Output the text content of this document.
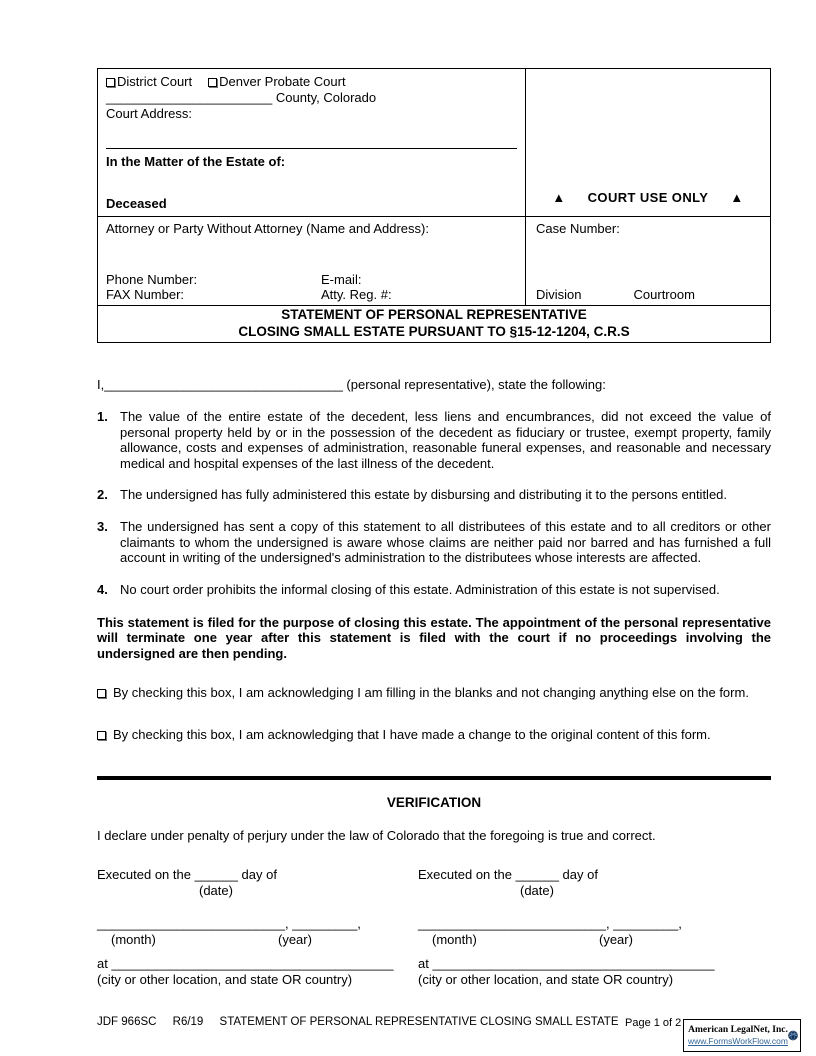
District Court Denver Probate Court
_______________________ County, Colorado
Court Address:
In the Matter of the Estate of:
Deceased	▲ COURT USE ONLY ▲
Attorney or Party Without Attorney (Name and Address):
Phone Number:	E-mail:
FAX Number:	Atty. Reg. #:
Case Number:
Division	Courtroom
STATEMENT OF PERSONAL REPRESENTATIVE
CLOSING SMALL ESTATE PURSUANT TO §15-12-1204, C.R.S
I,_________________________________ (personal representative), state the following:
1. The value of the entire estate of the decedent, less liens and encumbrances, did not exceed the value of personal property held by or in the possession of the decedent as fiduciary or trustee, exempt property, family allowance, costs and expenses of administration, reasonable funeral expenses, and reasonable and necessary medical and hospital expenses of the last illness of the decedent.
2. The undersigned has fully administered this estate by disbursing and distributing it to the persons entitled.
3. The undersigned has sent a copy of this statement to all distributees of this estate and to all creditors or other claimants to whom the undersigned is aware whose claims are neither paid nor barred and has furnished a full account in writing of the undersigned's administration to the distributees whose interests are affected.
4. No court order prohibits the informal closing of this estate. Administration of this estate is not supervised.

This statement is filed for the purpose of closing this estate. The appointment of the personal representative will terminate one year after this statement is filed with the court if no proceedings involving the undersigned are then pending.

By checking this box, I am acknowledging I am filling in the blanks and not changing anything else on the form.
By checking this box, I am acknowledging that I have made a change to the original content of this form.
VERIFICATION
I declare under penalty of perjury under the law of Colorado that the foregoing is true and correct.
Executed on the ______ day of
(date)
__________________________, _________,
(month)	(year)
at _______________________________________
(city or other location, and state OR country)
Executed on the ______ day of
(date)
__________________________, _________,
(month)	(year)
at _______________________________________
(city or other location, and state OR country)
JDF 966SC R6/19 STATEMENT OF PERSONAL REPRESENTATIVE CLOSING SMALL ESTATE Page 1 of 2
American LegalNet, Inc.
www.FormsWorkFlow.com
